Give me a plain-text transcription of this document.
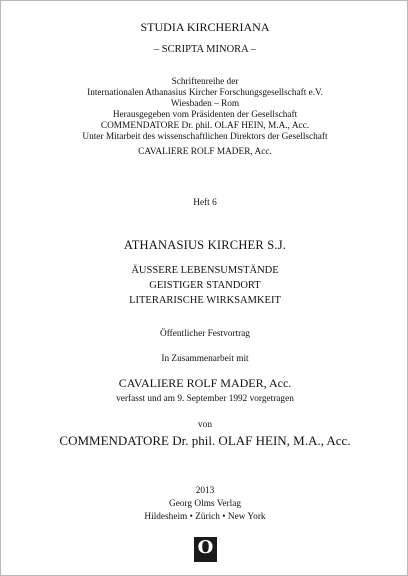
STUDIA KIRCHERIANA
– SCRIPTA MINORA –
Schriftenreihe der
Internationalen Athanasius Kircher Forschungsgesellschaft e.V.
Wiesbaden – Rom
Herausgegeben vom Präsidenten der Gesellschaft
COMMENDATORE Dr. phil. OLAF HEIN, M.A., Acc.
Unter Mitarbeit des wissenschaftlichen Direktors der Gesellschaft
CAVALIERE ROLF MADER, Acc.
Heft 6
ATHANASIUS KIRCHER S.J.
ÄUSSERE LEBENSUMSTÄNDE
GEISTIGER STANDORT
LITERARISCHE WIRKSAMKEIT
Öffentlicher Festvortrag
In Zusammenarbeit mit
CAVALIERE ROLF MADER, Acc.
verfasst und am 9. September 1992 vorgetragen
von
COMMENDATORE Dr. phil. OLAF HEIN, M.A., Acc.
2013
Georg Olms Verlag
Hildesheim • Zürich • New York
O
